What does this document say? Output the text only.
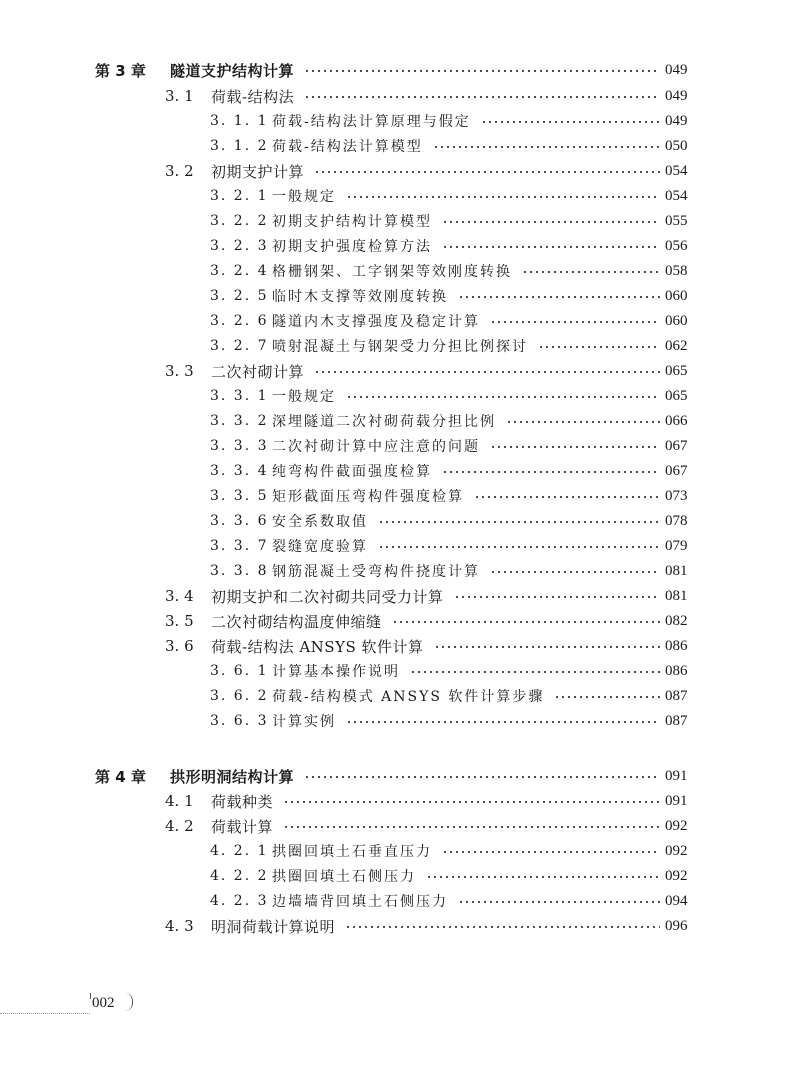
第 3 章 隧道支护结构计算	049
3. 1 荷载-结构法	049
3. 1. 1 荷载-结构法计算原理与假定	049
3. 1. 2 荷载-结构法计算模型	050
3. 2 初期支护计算	054
3. 2. 1 一般规定	054
3. 2. 2 初期支护结构计算模型	055
3. 2. 3 初期支护强度检算方法	056
3. 2. 4 格栅钢架、工字钢架等效刚度转换	058
3. 2. 5 临时木支撑等效刚度转换	060
3. 2. 6 隧道内木支撑强度及稳定计算	060
3. 2. 7 喷射混凝土与钢架受力分担比例探讨	062
3. 3 二次衬砌计算	065
3. 3. 1 一般规定	065
3. 3. 2 深埋隧道二次衬砌荷载分担比例	066
3. 3. 3 二次衬砌计算中应注意的问题	067
3. 3. 4 纯弯构件截面强度检算	067
3. 3. 5 矩形截面压弯构件强度检算	073
3. 3. 6 安全系数取值	078
3. 3. 7 裂缝宽度验算	079
3. 3. 8 钢筋混凝土受弯构件挠度计算	081
3. 4 初期支护和二次衬砌共同受力计算	081
3. 5 二次衬砌结构温度伸缩缝	082
3. 6 荷载-结构法 ANSYS 软件计算	086
3. 6. 1 计算基本操作说明	086
3. 6. 2 荷载-结构模式 ANSYS 软件计算步骤	087
3. 6. 3 计算实例	087
第 4 章 拱形明洞结构计算	091
4. 1 荷载种类	091
4. 2 荷载计算	092
4. 2. 1 拱圈回填土石垂直压力	092
4. 2. 2 拱圈回填土石侧压力	092
4. 2. 3 边墙墙背回填土石侧压力	094
4. 3 明洞荷载计算说明	096
002
